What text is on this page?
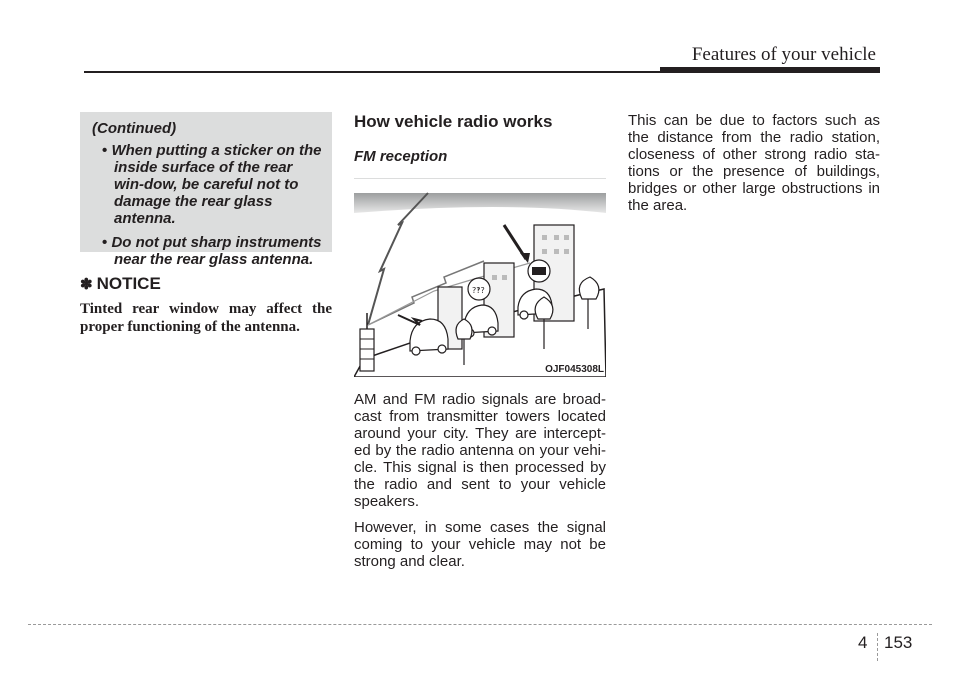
Features of your vehicle
(Continued)
• When putting a sticker on the inside surface of the rear win-dow, be careful not to damage the rear glass antenna.
• Do not put sharp instruments near the rear glass antenna.
✽ NOTICE
Tinted rear window may affect the proper functioning of the antenna.
How vehicle radio works
FM reception
?‽?
OJF045308L

AM and FM radio signals are broad-cast from transmitter towers located around your city. They are intercept-ed by the radio antenna on your vehi-cle. This signal is then processed by the radio and sent to your vehicle speakers.

However, in some cases the signal coming to your vehicle may not be strong and clear.

This can be due to factors such as the distance from the radio station, closeness of other strong radio sta-tions or the presence of buildings, bridges or other large obstructions in the area.

4 153
